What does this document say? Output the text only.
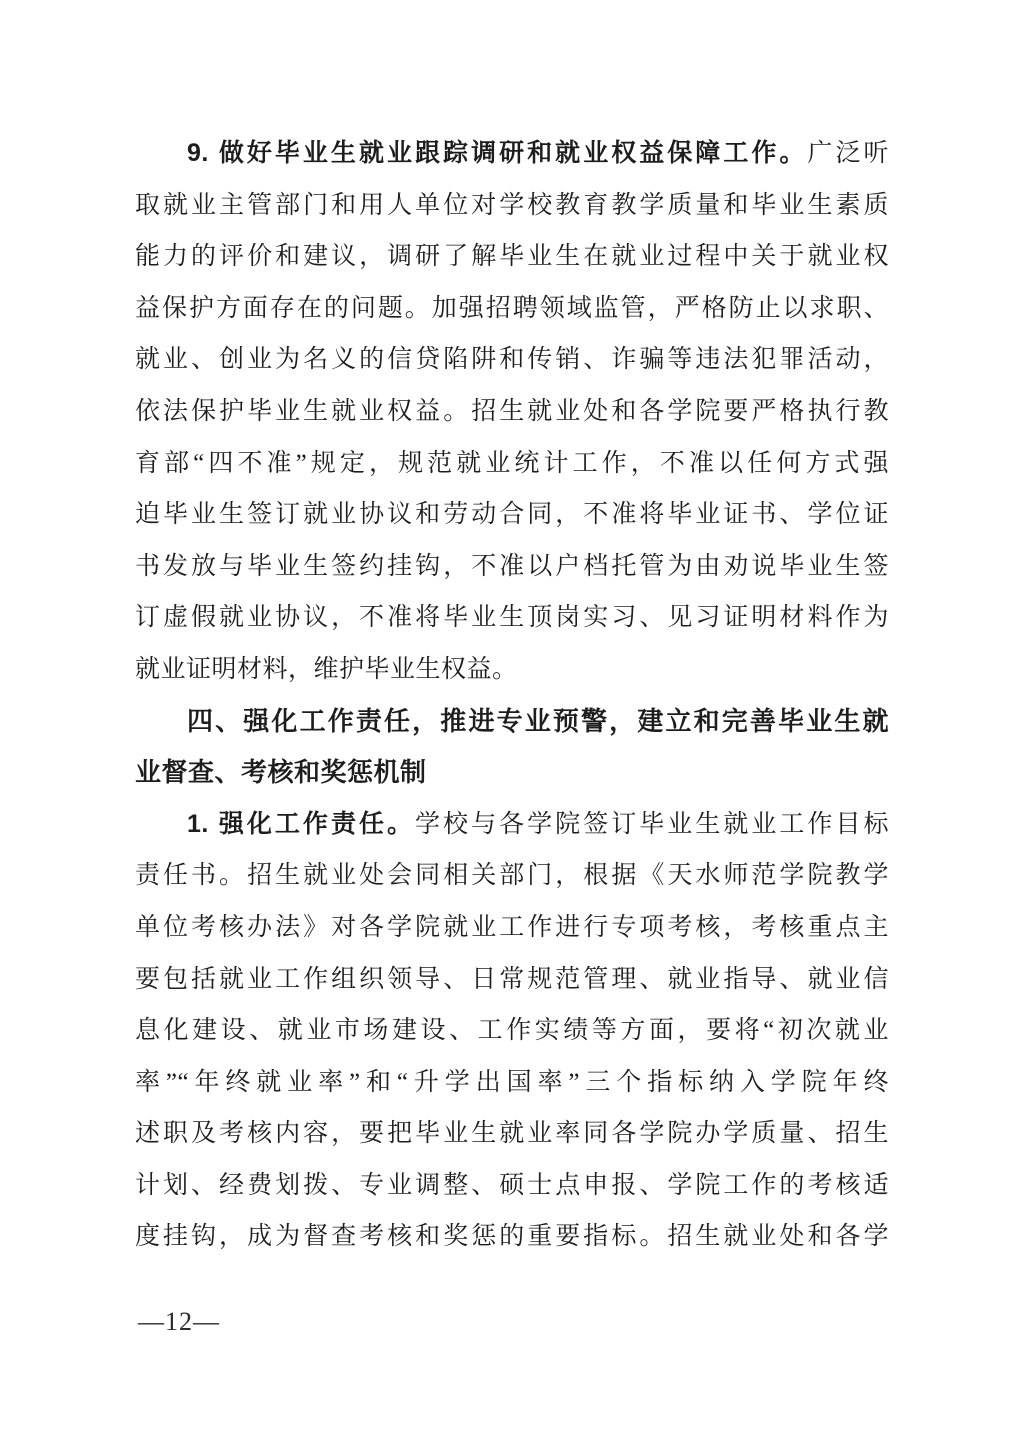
9. 做好毕业生就业跟踪调研和就业权益保障工作。广泛听
取就业主管部门和用人单位对学校教育教学质量和毕业生素质
能力的评价和建议，调研了解毕业生在就业过程中关于就业权
益保护方面存在的问题。加强招聘领域监管，严格防止以求职、
就业、创业为名义的信贷陷阱和传销、诈骗等违法犯罪活动，
依法保护毕业生就业权益。招生就业处和各学院要严格执行教
育部“四不准”规定，规范就业统计工作，不准以任何方式强
迫毕业生签订就业协议和劳动合同，不准将毕业证书、学位证
书发放与毕业生签约挂钩，不准以户档托管为由劝说毕业生签
订虚假就业协议，不准将毕业生顶岗实习、见习证明材料作为
就业证明材料，维护毕业生权益。
四、强化工作责任，推进专业预警，建立和完善毕业生就
业督查、考核和奖惩机制
1. 强化工作责任。学校与各学院签订毕业生就业工作目标
责任书。招生就业处会同相关部门，根据《天水师范学院教学
单位考核办法》对各学院就业工作进行专项考核，考核重点主
要包括就业工作组织领导、日常规范管理、就业指导、就业信
息化建设、就业市场建设、工作实绩等方面，要将“初次就业
率”“年终就业率”和“升学出国率”三个指标纳入学院年终
述职及考核内容，要把毕业生就业率同各学院办学质量、招生
计划、经费划拨、专业调整、硕士点申报、学院工作的考核适
度挂钩，成为督查考核和奖惩的重要指标。招生就业处和各学
—12—
